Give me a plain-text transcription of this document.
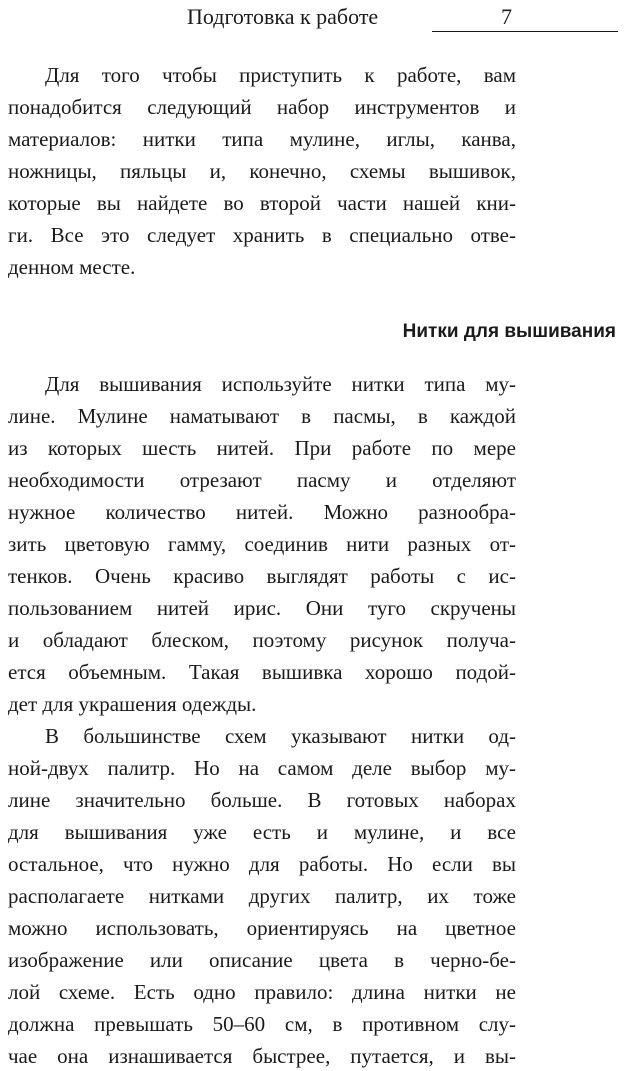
Подготовка к работе	7
Для того чтобы приступить к работе, вам
понадобится следующий набор инструментов и
материалов: нитки типа мулине, иглы, канва,
ножницы, пяльцы и, конечно, схемы вышивок,
которые вы найдете во второй части нашей кни-
ги. Все это следует хранить в специально отве-
денном месте.
Нитки для вышивания
Для вышивания используйте нитки типа му-
лине. Мулине наматывают в пасмы, в каждой
из которых шесть нитей. При работе по мере
необходимости отрезают пасму и отделяют
нужное количество нитей. Можно разнообра-
зить цветовую гамму, соединив нити разных от-
тенков. Очень красиво выглядят работы с ис-
пользованием нитей ирис. Они туго скручены
и обладают блеском, поэтому рисунок получа-
ется объемным. Такая вышивка хорошо подой-
дет для украшения одежды.
В большинстве схем указывают нитки од-
ной-двух палитр. Но на самом деле выбор му-
лине значительно больше. В готовых наборах
для вышивания уже есть и мулине, и все
остальное, что нужно для работы. Но если вы
располагаете нитками других палитр, их тоже
можно использовать, ориентируясь на цветное
изображение или описание цвета в черно-бе-
лой схеме. Есть одно правило: длина нитки не
должна превышать 50–60 см, в противном слу-
чае она изнашивается быстрее, путается, и вы-
